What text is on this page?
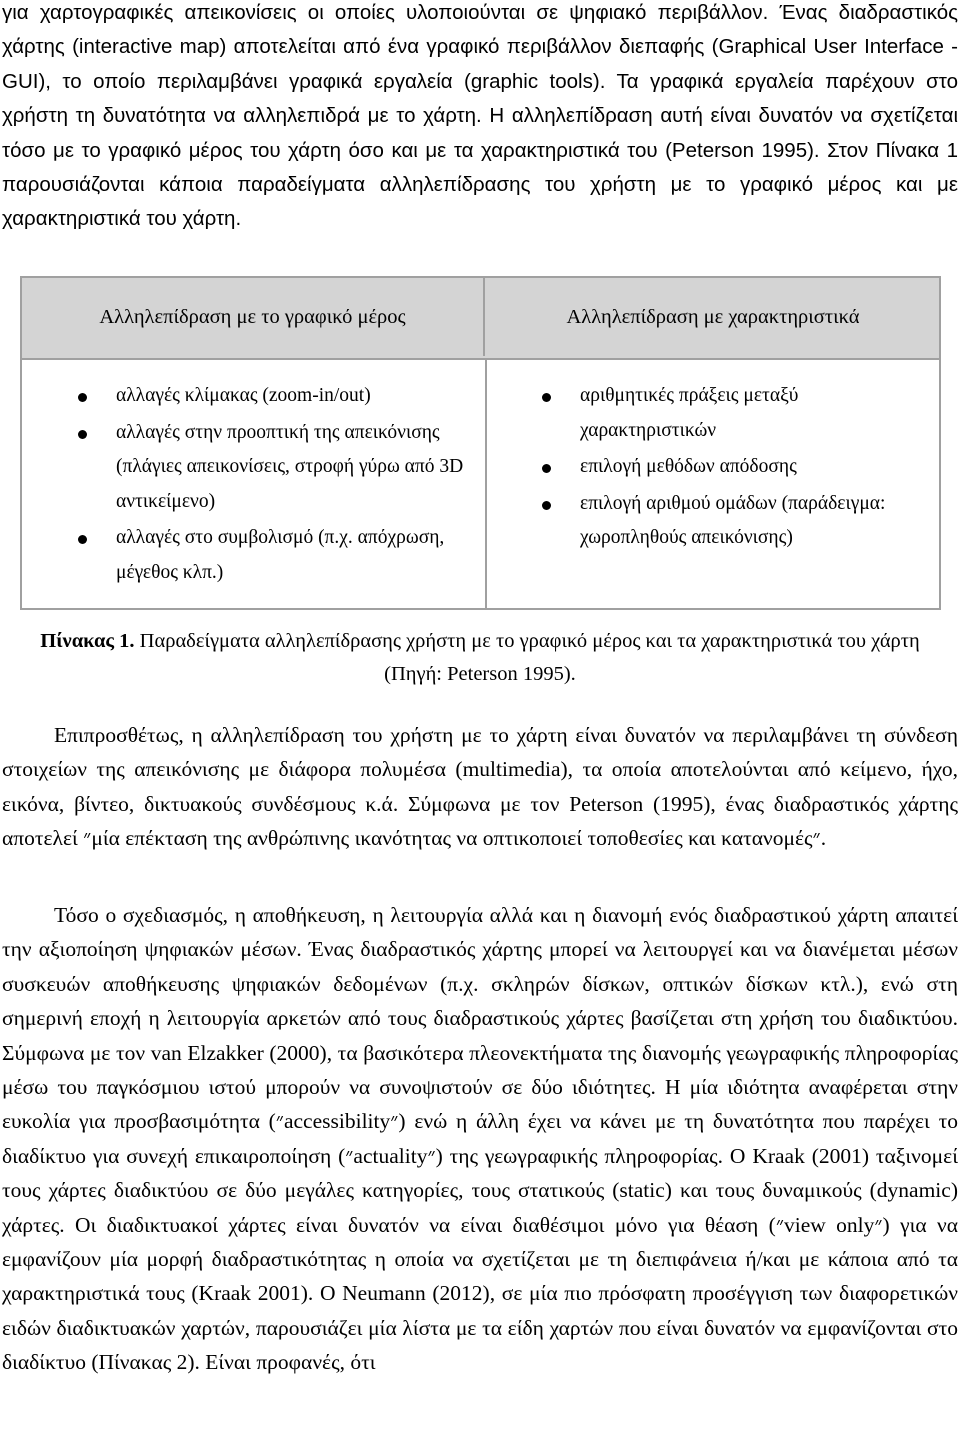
για χαρτογραφικές απεικονίσεις οι οποίες υλοποιούνται σε ψηφιακό περιβάλλον. Ένας διαδραστικός χάρτης (interactive map) αποτελείται από ένα γραφικό περιβάλλον διεπαφής (Graphical User Interface - GUI), το οποίο περιλαμβάνει γραφικά εργαλεία (graphic tools). Τα γραφικά εργαλεία παρέχουν στο χρήστη τη δυνατότητα να αλληλεπιδρά με το χάρτη. Η αλληλεπίδραση αυτή είναι δυνατόν να σχετίζεται τόσο με το γραφικό μέρος του χάρτη όσο και με τα χαρακτηριστικά του (Peterson 1995). Στον Πίνακα 1 παρουσιάζονται κάποια παραδείγματα αλληλεπίδρασης του χρήστη με το γραφικό μέρος και με χαρακτηριστικά του χάρτη.

Αλληλεπίδραση με το γραφικό μέρος	Αλληλεπίδραση με χαρακτηριστικά
αλλαγές κλίμακας (zoom-in/out)
αλλαγές στην προοπτική της απεικόνισης (πλάγιες απεικονίσεις, στροφή γύρω από 3D αντικείμενο)
αλλαγές στο συμβολισμό (π.χ. απόχρωση, μέγεθος κλπ.)
αριθμητικές πράξεις μεταξύ χαρακτηριστικών
επιλογή μεθόδων απόδοσης
επιλογή αριθμού ομάδων (παράδειγμα: χωροπληθούς απεικόνισης)
Πίνακας 1. Παραδείγματα αλληλεπίδρασης χρήστη με το γραφικό μέρος και τα χαρακτηριστικά του χάρτη (Πηγή: Peterson 1995).

Επιπροσθέτως, η αλληλεπίδραση του χρήστη με το χάρτη είναι δυνατόν να περιλαμβάνει τη σύνδεση στοιχείων της απεικόνισης με διάφορα πολυμέσα (multimedia), τα οποία αποτελούνται από κείμενο, ήχο, εικόνα, βίντεο, δικτυακούς συνδέσμους κ.ά. Σύμφωνα με τον Peterson (1995), ένας διαδραστικός χάρτης αποτελεί ״μία επέκταση της ανθρώπινης ικανότητας να οπτικοποιεί τοποθεσίες και κατανομές״.

Τόσο ο σχεδιασμός, η αποθήκευση, η λειτουργία αλλά και η διανομή ενός διαδραστικού χάρτη απαιτεί την αξιοποίηση ψηφιακών μέσων. Ένας διαδραστικός χάρτης μπορεί να λειτουργεί και να διανέμεται μέσων συσκευών αποθήκευσης ψηφιακών δεδομένων (π.χ. σκληρών δίσκων, οπτικών δίσκων κτλ.), ενώ στη σημερινή εποχή η λειτουργία αρκετών από τους διαδραστικούς χάρτες βασίζεται στη χρήση του διαδικτύου. Σύμφωνα με τον van Elzakker (2000), τα βασικότερα πλεονεκτήματα της διανομής γεωγραφικής πληροφορίας μέσω του παγκόσμιου ιστού μπορούν να συνοψιστούν σε δύο ιδιότητες. Η μία ιδιότητα αναφέρεται στην ευκολία για προσβασιμότητα (״accessibility״) ενώ η άλλη έχει να κάνει με τη δυνατότητα που παρέχει το διαδίκτυο για συνεχή επικαιροποίηση (״actuality״) της γεωγραφικής πληροφορίας. Ο Kraak (2001) ταξινομεί τους χάρτες διαδικτύου σε δύο μεγάλες κατηγορίες, τους στατικούς (static) και τους δυναμικούς (dynamic) χάρτες. Οι διαδικτυακοί χάρτες είναι δυνατόν να είναι διαθέσιμοι μόνο για θέαση (״view only״) για να εμφανίζουν μία μορφή διαδραστικότητας η οποία να σχετίζεται με τη διεπιφάνεια ή/και με κάποια από τα χαρακτηριστικά τους (Kraak 2001). Ο Neumann (2012), σε μία πιο πρόσφατη προσέγγιση των διαφορετικών ειδών διαδικτυακών χαρτών, παρουσιάζει μία λίστα με τα είδη χαρτών που είναι δυνατόν να εμφανίζονται στο διαδίκτυο (Πίνακας 2). Είναι προφανές, ότι
